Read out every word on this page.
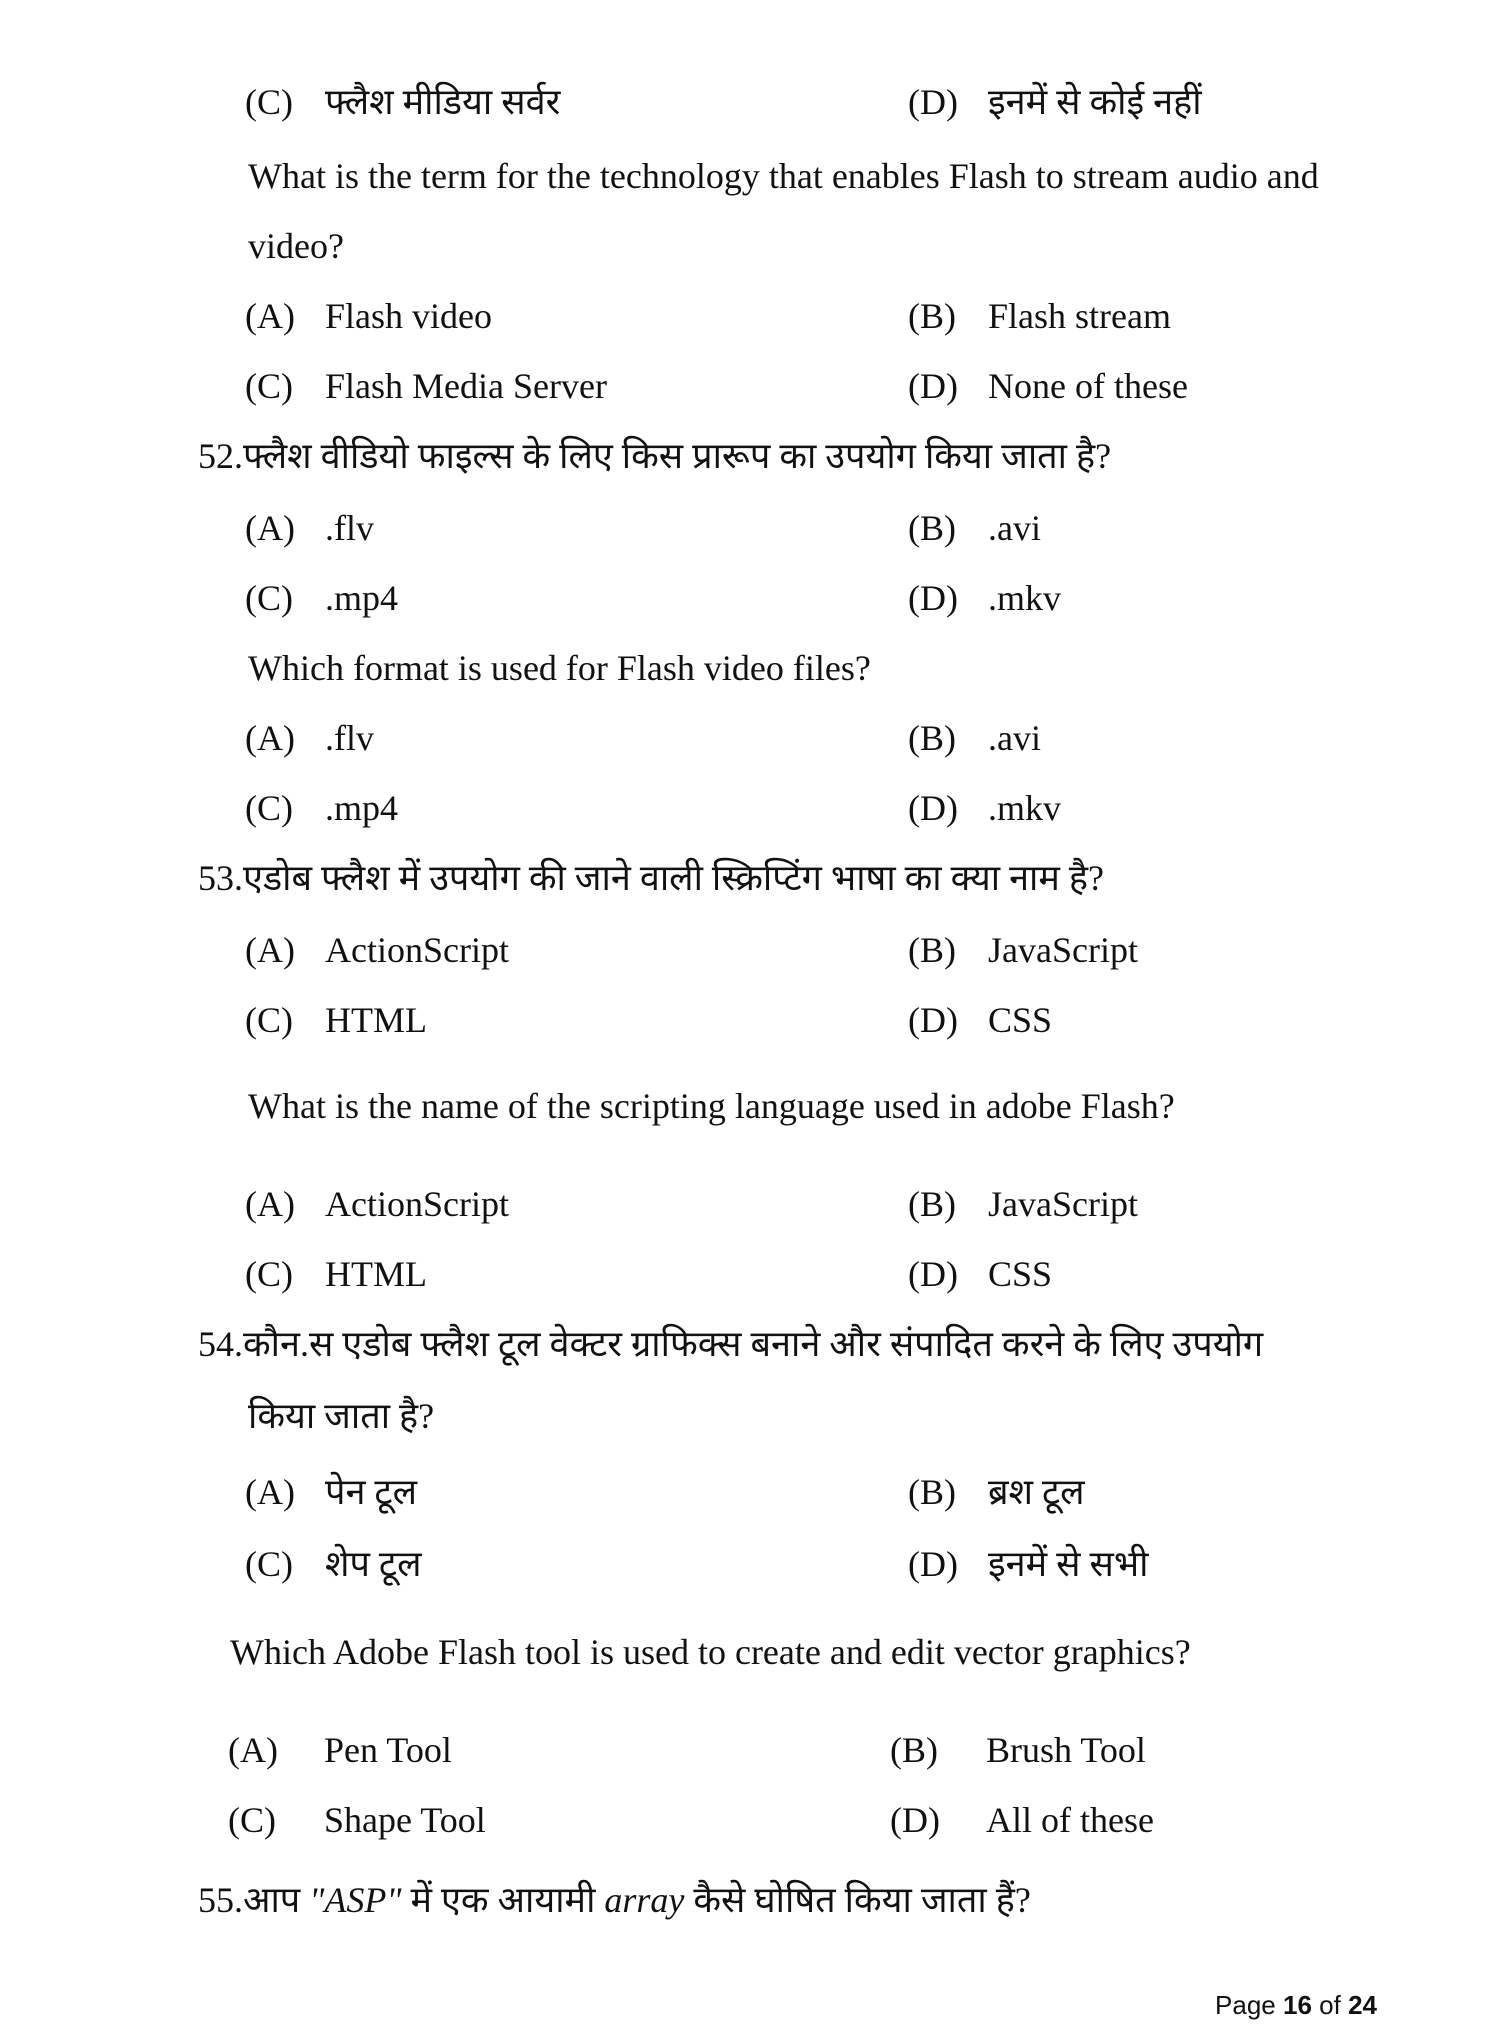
(C) फ्लैश मीडिया सर्वर	(D) इनमें से कोई नहीं
What is the term for the technology that enables Flash to stream audio and
video?
(A) Flash video	(B) Flash stream
(C) Flash Media Server	(D) None of these
52.फ्लैश वीडियो फाइल्स के लिए किस प्रारूप का उपयोग किया जाता है?
(A) .flv	(B) .avi
(C) .mp4	(D) .mkv
Which format is used for Flash video files?
(A) .flv	(B) .avi
(C) .mp4	(D) .mkv
53.एडोब फ्लैश में उपयोग की जाने वाली स्क्रिप्टिंग भाषा का क्या नाम है?
(A) ActionScript	(B) JavaScript
(C) HTML	(D) CSS
What is the name of the scripting language used in adobe Flash?
(A) ActionScript	(B) JavaScript
(C) HTML	(D) CSS
54.कौन.स एडोब फ्लैश टूल वेक्टर ग्राफिक्स बनाने और संपादित करने के लिए उपयोग
किया जाता है?
(A) पेन टूल	(B) ब्रश टूल
(C) शेप टूल	(D) इनमें से सभी
Which Adobe Flash tool is used to create and edit vector graphics?
(A) Pen Tool	(B) Brush Tool
(C) Shape Tool	(D) All of these
55.आप "ASP" में एक आयामी array कैसे घोषित किया जाता हैं?
Page 16 of 24
